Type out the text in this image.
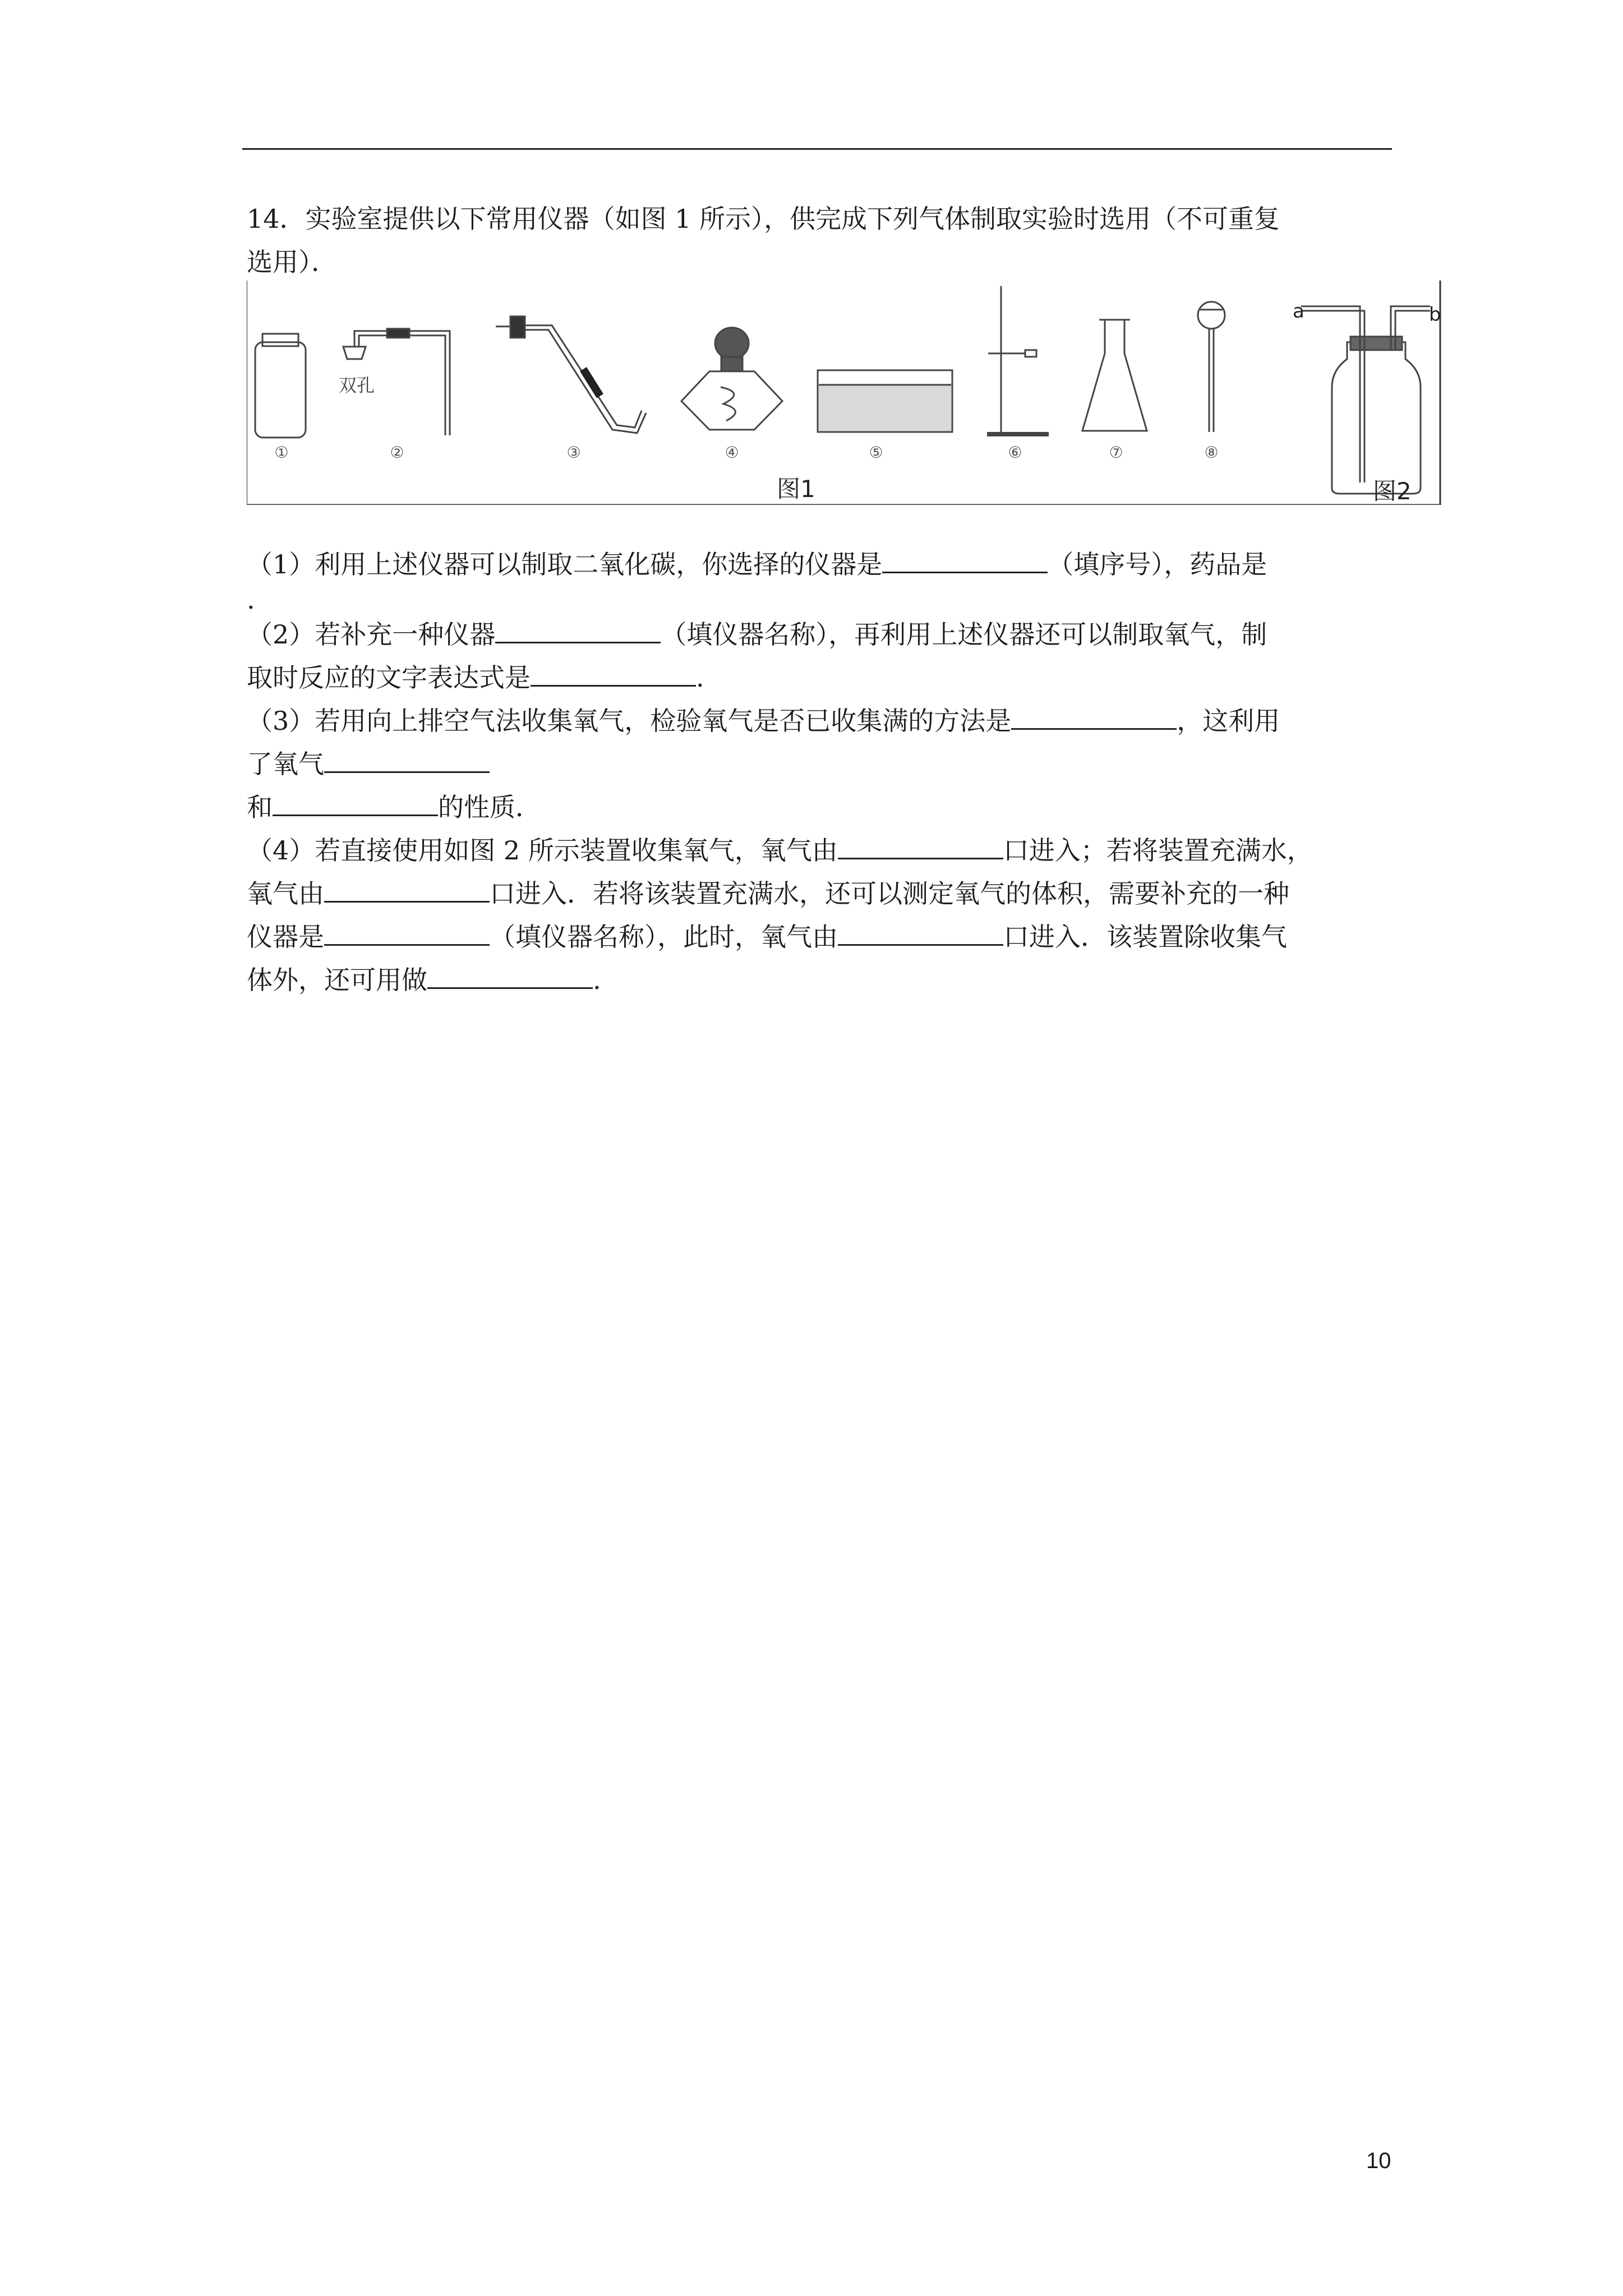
14．实验室提供以下常用仪器（如图 1 所示），供完成下列气体制取实验时选用（不可重复
选用）．
双孔
a	b
①	②	③	④	⑤	⑥	⑦	⑧
图1	图2
（1）利用上述仪器可以制取二氧化碳，你选择的仪器是	（填序号），药品是
.
（2）若补充一种仪器	（填仪器名称），再利用上述仪器还可以制取氧气，制
取时反应的文字表达式是	.
（3）若用向上排空气法收集氧气，检验氧气是否已收集满的方法是	，这利用
了氧气
和	的性质．
（4）若直接使用如图 2 所示装置收集氧气，氧气由	口进入；若将装置充满水，
氧气由	口进入．若将该装置充满水，还可以测定氧气的体积，需要补充的一种
仪器是	（填仪器名称），此时，氧气由	口进入．该装置除收集气
体外，还可用做	.
10
